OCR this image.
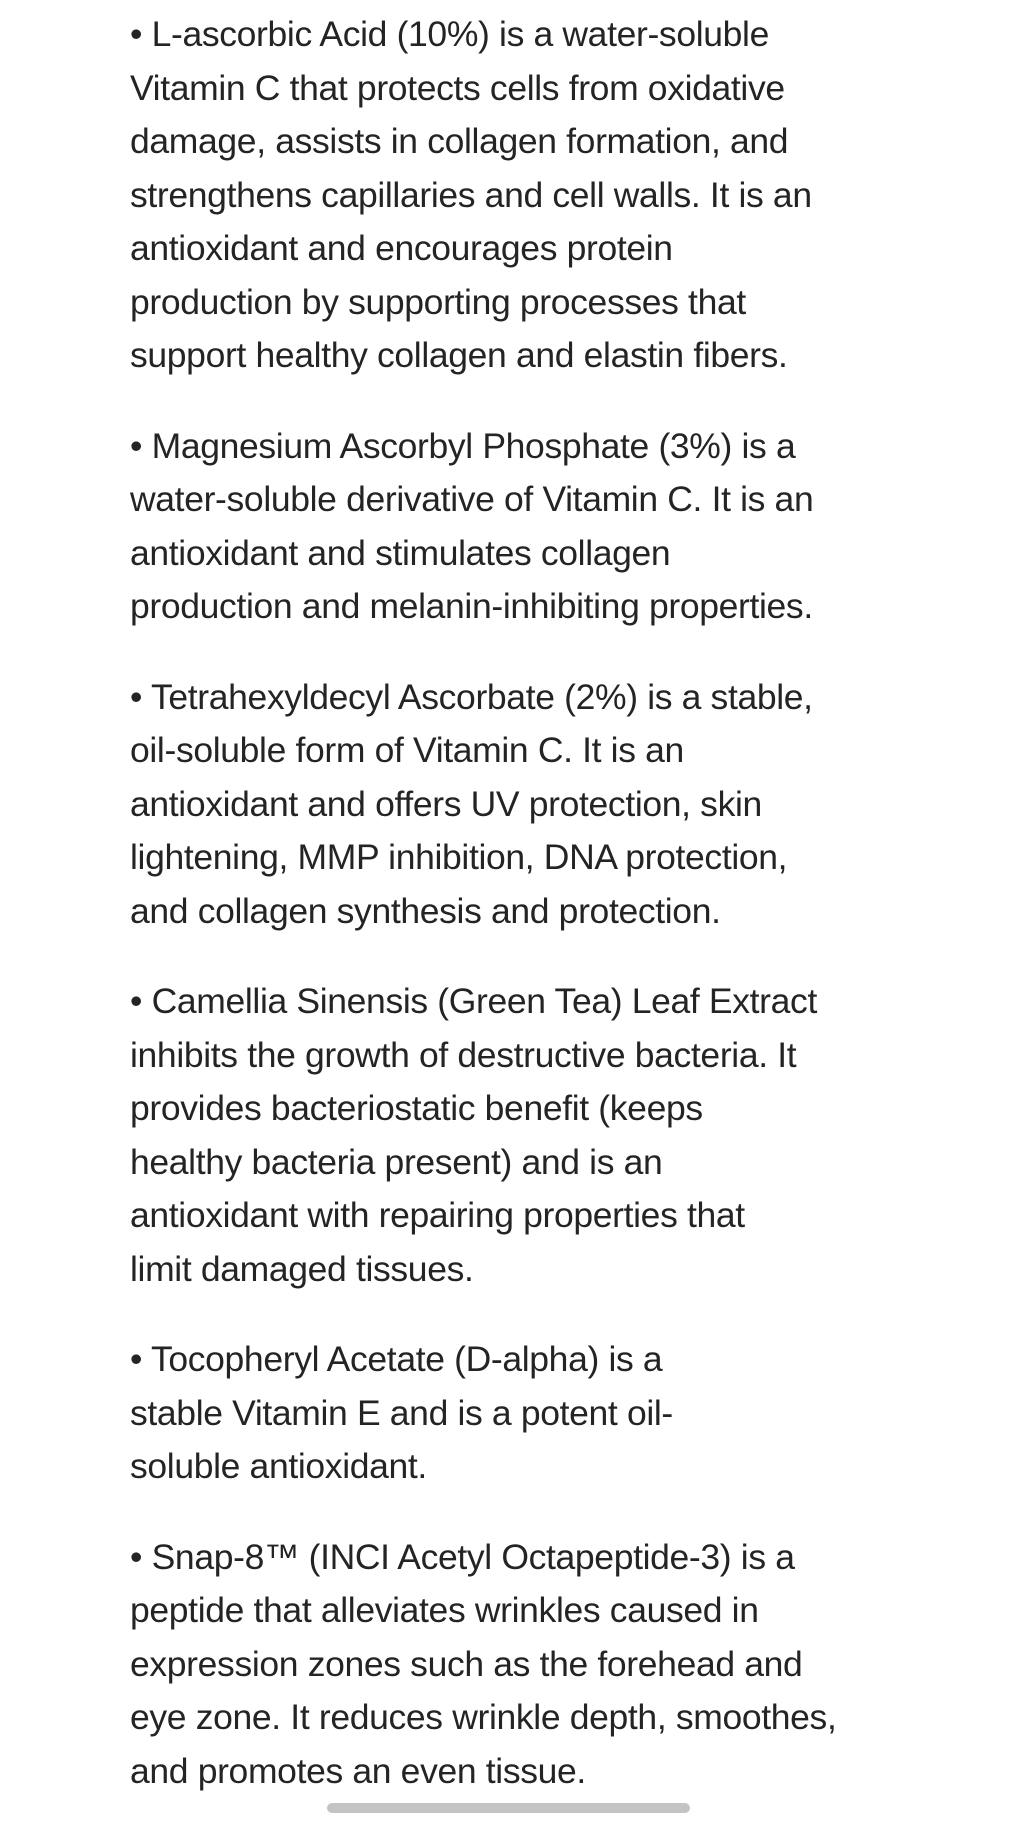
• L-ascorbic Acid (10%) is a water-soluble
Vitamin C that protects cells from oxidative
damage, assists in collagen formation, and
strengthens capillaries and cell walls. It is an
antioxidant and encourages protein
production by supporting processes that
support healthy collagen and elastin fibers.

• Magnesium Ascorbyl Phosphate (3%) is a
water-soluble derivative of Vitamin C. It is an
antioxidant and stimulates collagen
production and melanin-inhibiting properties.

• Tetrahexyldecyl Ascorbate (2%) is a stable,
oil-soluble form of Vitamin C. It is an
antioxidant and offers UV protection, skin
lightening, MMP inhibition, DNA protection,
and collagen synthesis and protection.

• Camellia Sinensis (Green Tea) Leaf Extract
inhibits the growth of destructive bacteria. It
provides bacteriostatic benefit (keeps
healthy bacteria present) and is an
antioxidant with repairing properties that
limit damaged tissues.

• Tocopheryl Acetate (D-alpha) is a
stable Vitamin E and is a potent oil-
soluble antioxidant.

• Snap-8™ (INCI Acetyl Octapeptide-3) is a
peptide that alleviates wrinkles caused in
expression zones such as the forehead and
eye zone. It reduces wrinkle depth, smoothes,
and promotes an even tissue.
